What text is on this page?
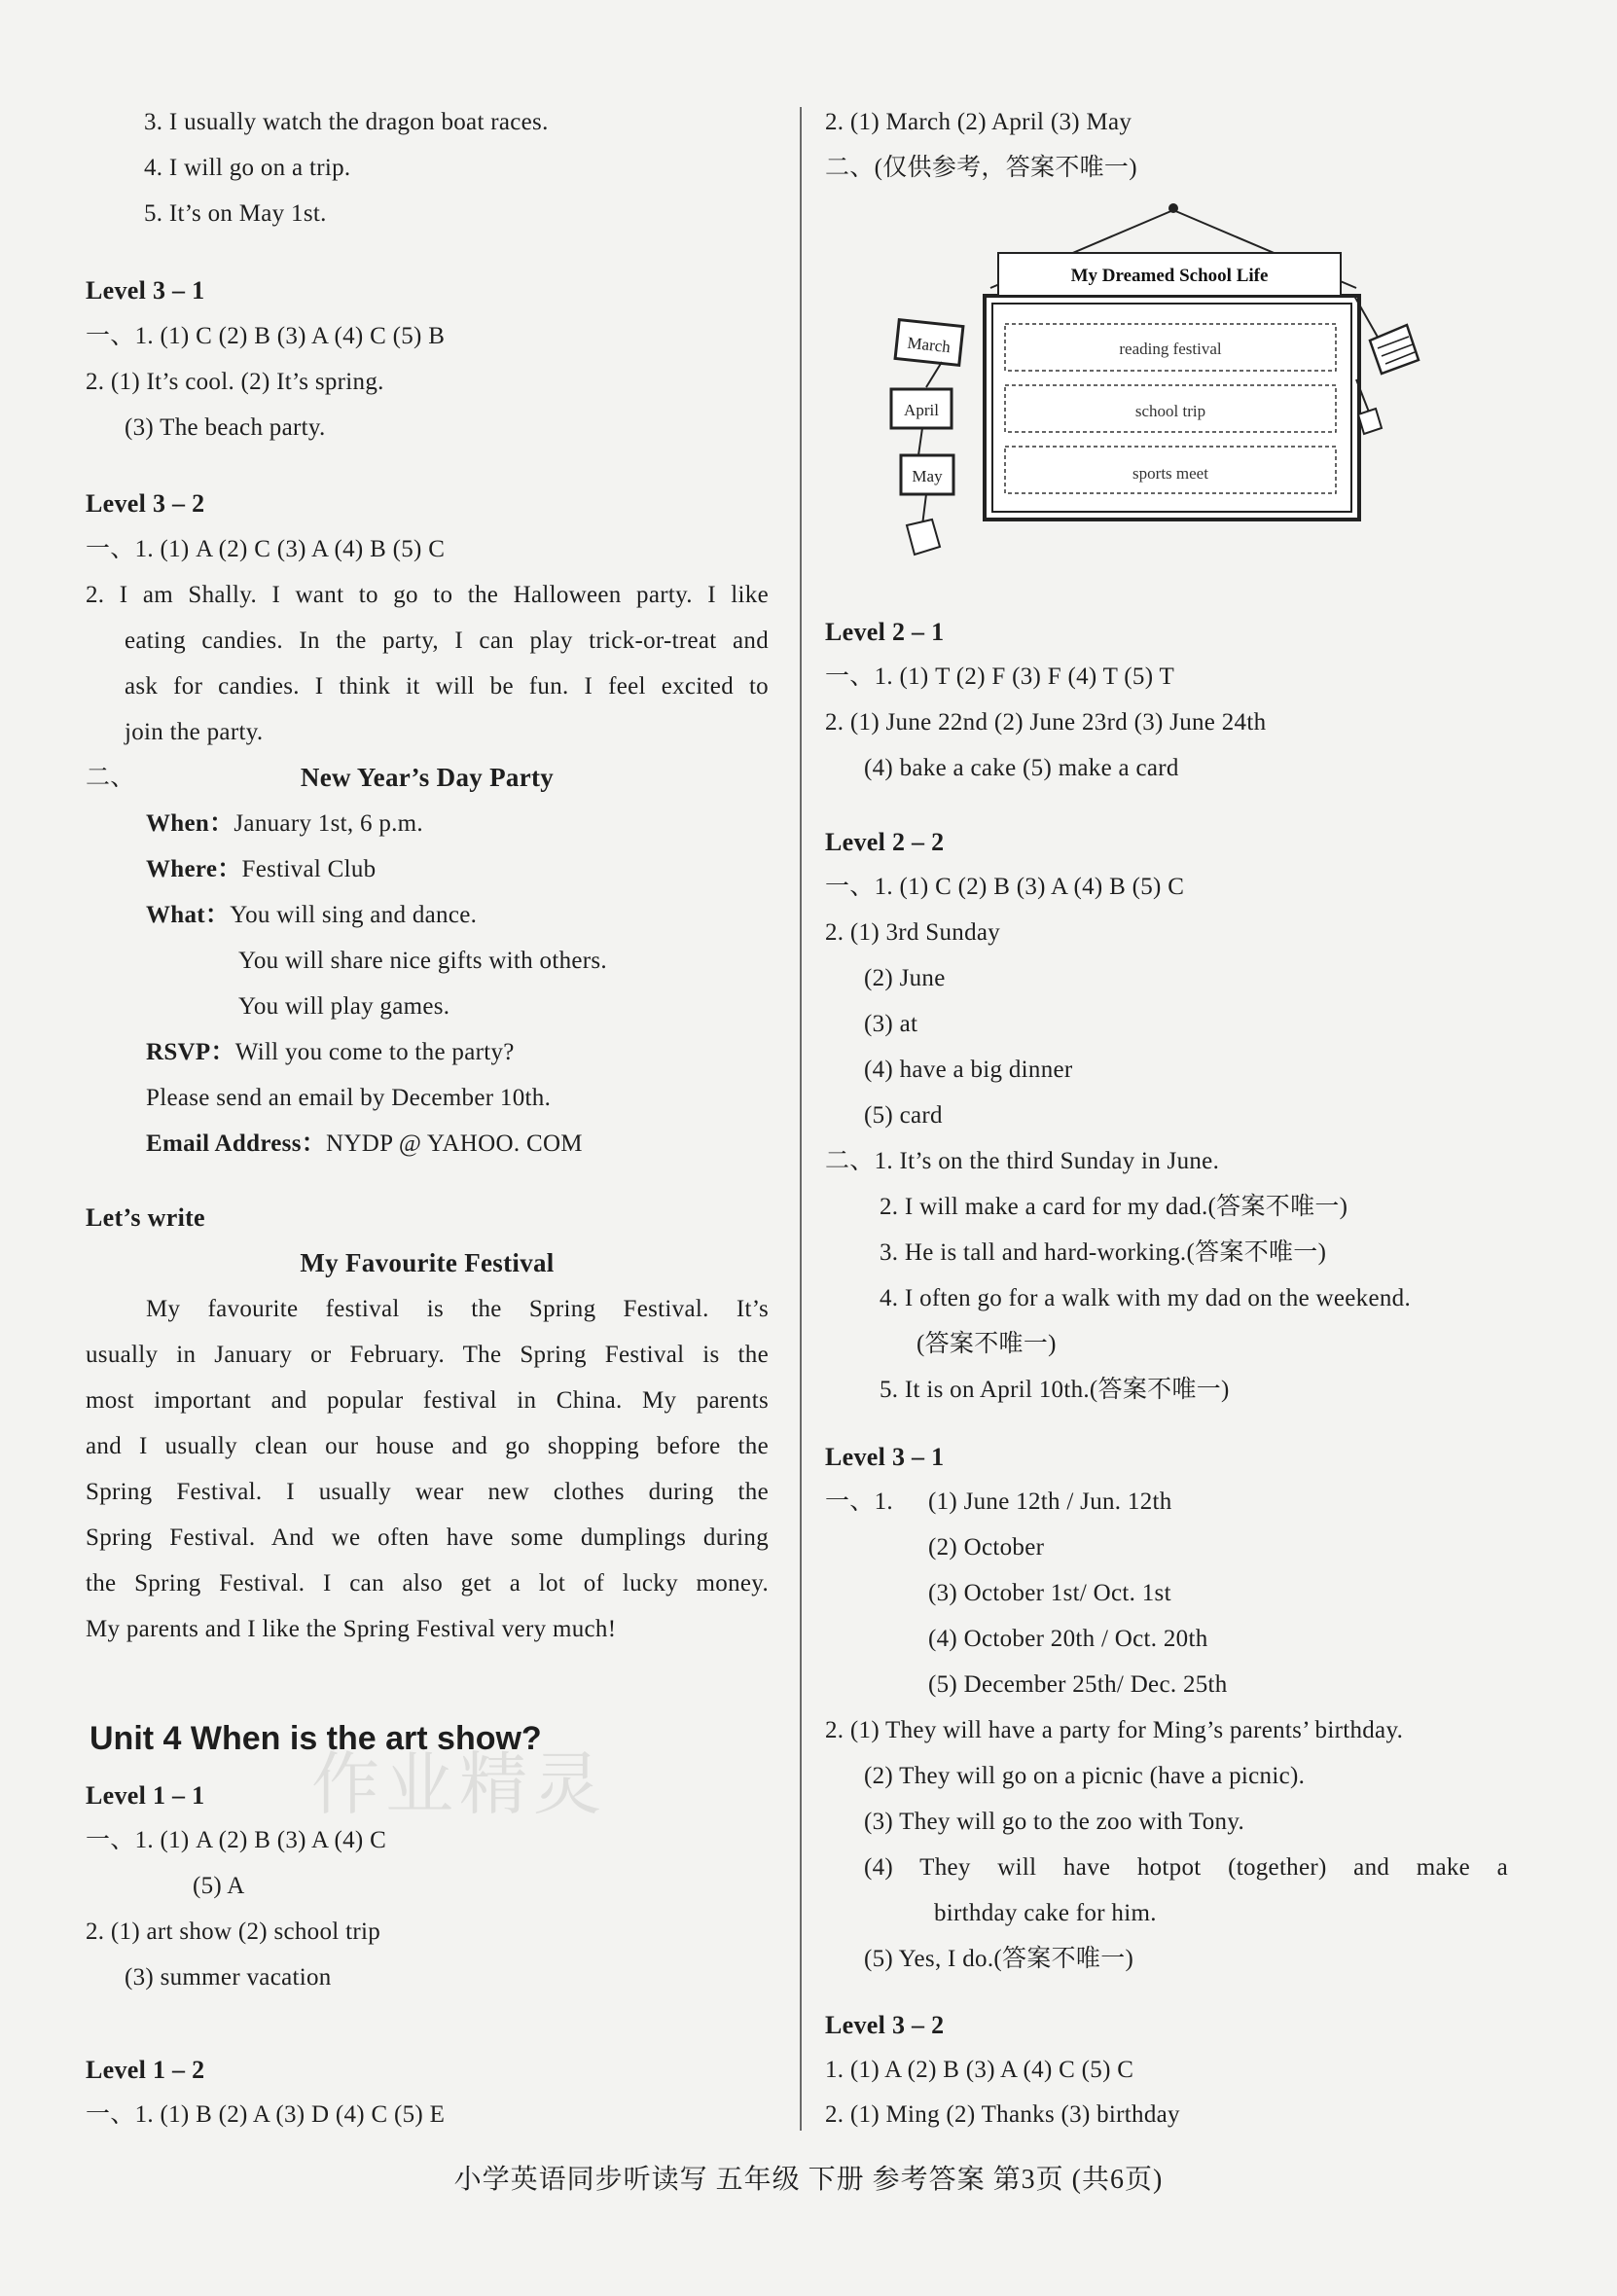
作业精灵
3. I usually watch the dragon boat races.
4. I will go on a trip.
5. It’s on May 1st.
Level 3 – 1
一、1. (1) C (2) B (3) A (4) C (5) B
2. (1) It’s cool. (2) It’s spring.
(3) The beach party.
Level 3 – 2
一、1. (1) A (2) C (3) A (4) B (5) C
2. I am Shally. I want to go to the Halloween party. I like
eating candies. In the party, I can play trick-or-treat and
ask for candies. I think it will be fun. I feel excited to
join the party.
二、	New Year’s Day Party
When：January 1st, 6 p.m.
Where：Festival Club
What：You will sing and dance.
You will share nice gifts with others.
You will play games.
RSVP：Will you come to the party?
Please send an email by December 10th.
Email Address：NYDP @ YAHOO. COM
Let’s write
My Favourite Festival
My favourite festival is the Spring Festival. It’s
usually in January or February. The Spring Festival is the
most important and popular festival in China. My parents
and I usually clean our house and go shopping before the
Spring Festival. I usually wear new clothes during the
Spring Festival. And we often have some dumplings during
the Spring Festival. I can also get a lot of lucky money.
My parents and I like the Spring Festival very much!
Unit 4 When is the art show?
Level 1 – 1
一、1. (1) A (2) B (3) A (4) C
(5) A
2. (1) art show (2) school trip
(3) summer vacation
Level 1 – 2
一、1. (1) B (2) A (3) D (4) C (5) E
2. (1) March (2) April (3) May
二、(仅供参考，答案不唯一)
My Dreamed School Life
reading festival
school trip
sports meet
March
April
May
Level 2 – 1
一、1. (1) T (2) F (3) F (4) T (5) T
2. (1) June 22nd (2) June 23rd (3) June 24th
(4) bake a cake (5) make a card
Level 2 – 2
一、1. (1) C (2) B (3) A (4) B (5) C
2. (1) 3rd Sunday
(2) June
(3) at
(4) have a big dinner
(5) card
二、1. It’s on the third Sunday in June.
2. I will make a card for my dad.(答案不唯一)
3. He is tall and hard-working.(答案不唯一)
4. I often go for a walk with my dad on the weekend.
(答案不唯一)
5. It is on April 10th.(答案不唯一)
Level 3 – 1
一、1. (1) June 12th / Jun. 12th
(2) October
(3) October 1st/ Oct. 1st
(4) October 20th / Oct. 20th
(5) December 25th/ Dec. 25th
2. (1) They will have a party for Ming’s parents’ birthday.
(2) They will go on a picnic (have a picnic).
(3) They will go to the zoo with Tony.
(4) They will have hotpot (together) and make a
birthday cake for him.
(5) Yes, I do.(答案不唯一)
Level 3 – 2
1. (1) A (2) B (3) A (4) C (5) C
2. (1) Ming (2) Thanks (3) birthday
小学英语同步听读写 五年级 下册 参考答案 第3页 (共6页)
